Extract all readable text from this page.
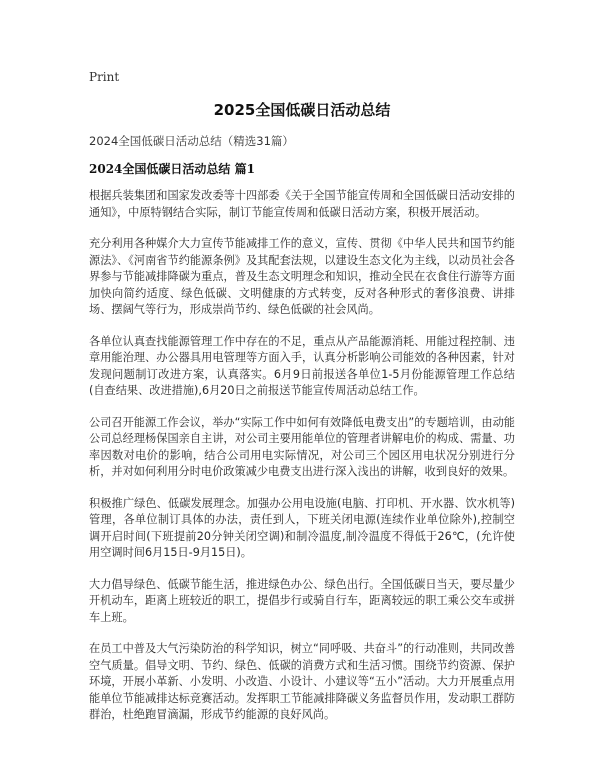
Print
2025全国低碳日活动总结
2024全国低碳日活动总结（精选31篇）
2024全国低碳日活动总结 篇1

根据兵装集团和国家发改委等十四部委《关于全国节能宣传周和全国低碳日活动安排的通知》，中原特钢结合实际，制订节能宣传周和低碳日活动方案，积极开展活动。

充分利用各种媒介大力宣传节能减排工作的意义，宣传、贯彻《中华人民共和国节约能源法》、《河南省节约能源条例》及其配套法规，以建设生态文化为主线，以动员社会各界参与节能减排降碳为重点，普及生态文明理念和知识，推动全民在衣食住行游等方面加快向简约适度、绿色低碳、文明健康的方式转变，反对各种形式的奢侈浪费、讲排场、摆阔气等行为，形成崇尚节约、绿色低碳的社会风尚。

各单位认真查找能源管理工作中存在的不足，重点从产品能源消耗、用能过程控制、违章用能治理、办公器具用电管理等方面入手，认真分析影响公司能效的各种因素，针对发现问题制订改进方案，认真落实。6月9日前报送各单位1-5月份能源管理工作总结(自查结果、改进措施),6月20日之前报送节能宣传周活动总结工作。

公司召开能源工作会议，举办“实际工作中如何有效降低电费支出”的专题培训，由动能公司总经理杨保国亲自主讲，对公司主要用能单位的管理者讲解电价的构成、需量、功率因数对电价的影响，结合公司用电实际情况，对公司三个园区用电状况分别进行分析，并对如何利用分时电价政策减少电费支出进行深入浅出的讲解，收到良好的效果。

积极推广绿色、低碳发展理念。加强办公用电设施(电脑、打印机、开水器、饮水机等)管理，各单位制订具体的办法，责任到人，下班关闭电源(连续作业单位除外),控制空调开启时间(下班提前20分钟关闭空调)和制冷温度,制冷温度不得低于26℃，(允许使用空调时间6月15日-9月15日)。

大力倡导绿色、低碳节能生活，推进绿色办公、绿色出行。全国低碳日当天，要尽量少开机动车，距离上班较近的职工，提倡步行或骑自行车，距离较远的职工乘公交车或拼车上班。

在员工中普及大气污染防治的科学知识，树立“同呼吸、共奋斗”的行动准则，共同改善空气质量。倡导文明、节约、绿色、低碳的消费方式和生活习惯。围绕节约资源、保护环境，开展小革新、小发明、小改造、小设计、小建议等“五小”活动。大力开展重点用能单位节能减排达标竞赛活动。发挥职工节能减排降碳义务监督员作用，发动职工群防群治，杜绝跑冒滴漏，形成节约能源的良好风尚。
